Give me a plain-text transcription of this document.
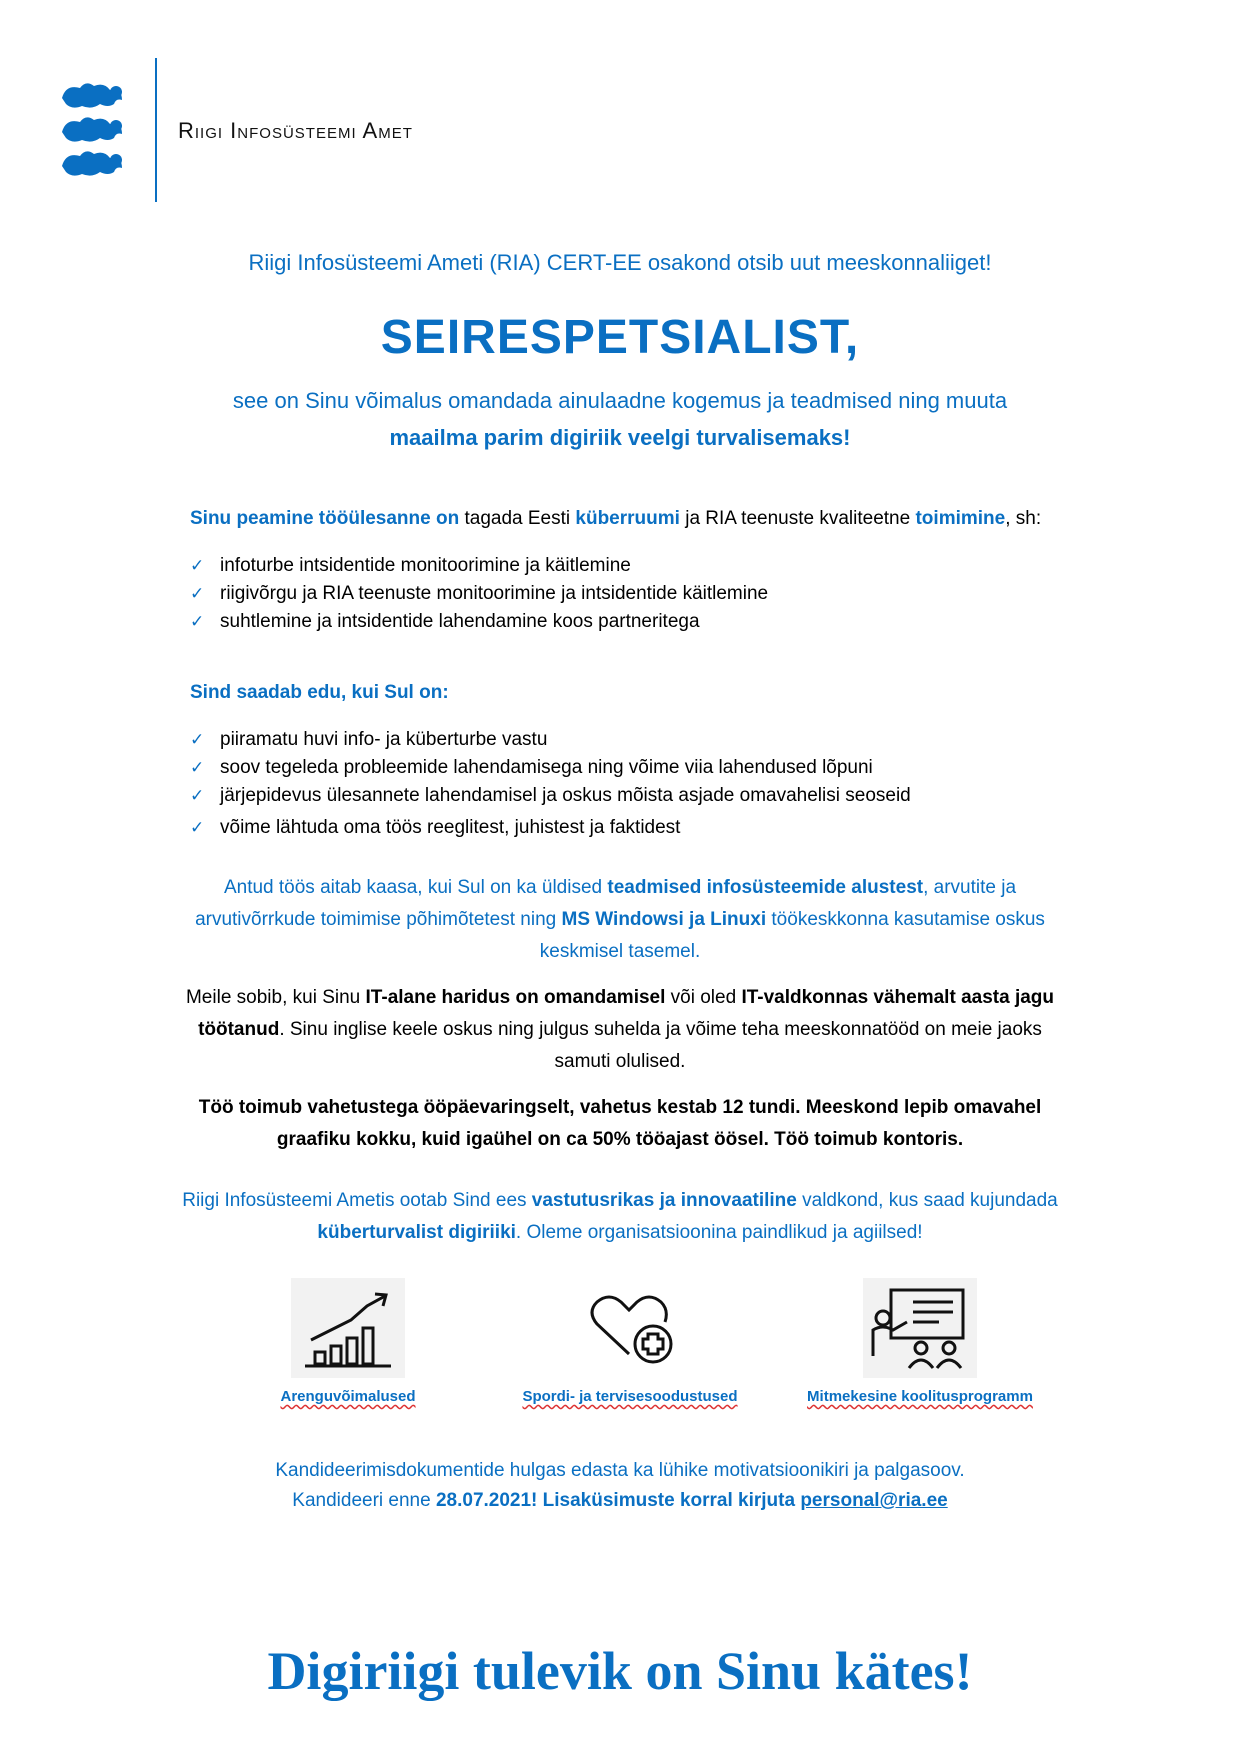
Riigi Infosüsteemi Amet
Riigi Infosüsteemi Ameti (RIA) CERT-EE osakond otsib uut meeskonnaliiget!
SEIRESPETSIALIST,
see on Sinu võimalus omandada ainulaadne kogemus ja teadmised ning muuta
maailma parim digiriik veelgi turvalisemaks!
Sinu peamine tööülesanne on tagada Eesti küberruumi ja RIA teenuste kvaliteetne toimimine, sh:
✓ infoturbe intsidentide monitoorimine ja käitlemine
✓ riigivõrgu ja RIA teenuste monitoorimine ja intsidentide käitlemine
✓ suhtlemine ja intsidentide lahendamine koos partneritega
Sind saadab edu, kui Sul on:
✓ piiramatu huvi info- ja küberturbe vastu
✓ soov tegeleda probleemide lahendamisega ning võime viia lahendused lõpuni
✓ järjepidevus ülesannete lahendamisel ja oskus mõista asjade omavahelisi seoseid
✓ võime lähtuda oma töös reeglitest, juhistest ja faktidest
Antud töös aitab kaasa, kui Sul on ka üldised teadmised infosüsteemide alustest, arvutite ja arvutivõrrkude toimimise põhimõtetest ning MS Windowsi ja Linuxi töökeskkonna kasutamise oskus keskmisel tasemel.
Meile sobib, kui Sinu IT-alane haridus on omandamisel või oled IT-valdkonnas vähemalt aasta jagu töötanud. Sinu inglise keele oskus ning julgus suhelda ja võime teha meeskonnatööd on meie jaoks samuti olulised.
Töö toimub vahetustega ööpäevaringselt, vahetus kestab 12 tundi. Meeskond lepib omavahel graafiku kokku, kuid igaühel on ca 50% tööajast öösel. Töö toimub kontoris.
Riigi Infosüsteemi Ametis ootab Sind ees vastutusrikas ja innovaatiline valdkond, kus saad kujundada küberturvalist digiriiki. Oleme organisatsioonina paindlikud ja agiilsed!
Arenguvõimalused	Spordi- ja tervisesoodustused	Mitmekesine koolitusprogramm
Kandideerimisdokumentide hulgas edasta ka lühike motivatsioonikiri ja palgasoov.
Kandideeri enne 28.07.2021! Lisaküsimuste korral kirjuta personal@ria.ee
Digiriigi tulevik on Sinu kätes!
